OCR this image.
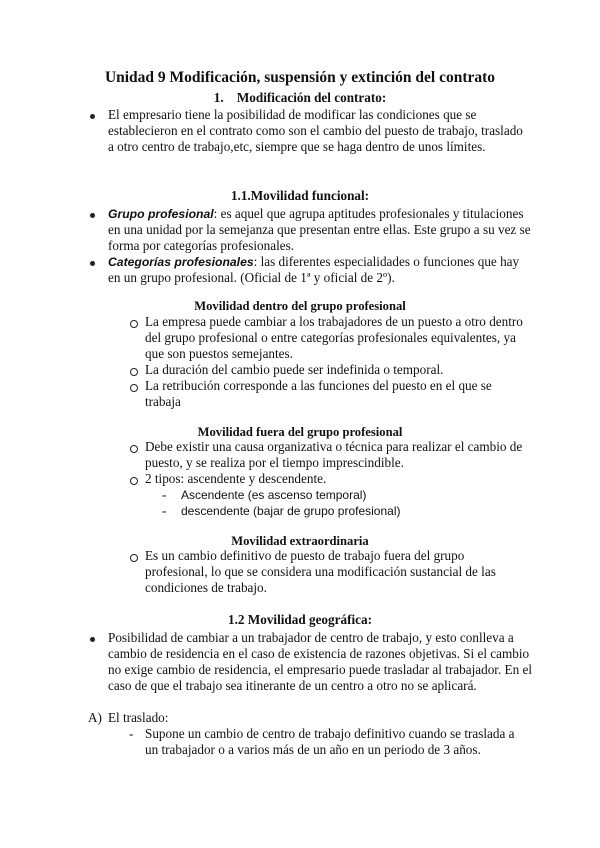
Unidad 9 Modificación, suspensión y extinción del contrato
1. Modificación del contrato:
El empresario tiene la posibilidad de modificar las condiciones que se establecieron en el contrato como son el cambio del puesto de trabajo, traslado a otro centro de trabajo,etc, siempre que se haga dentro de unos límites.
1.1.Movilidad funcional:
Grupo profesional: es aquel que agrupa aptitudes profesionales y titulaciones en una unidad por la semejanza que presentan entre ellas. Este grupo a su vez se forma por categorías profesionales.
Categorías profesionales: las diferentes especialidades o funciones que hay en un grupo profesional. (Oficial de 1ª y oficial de 2º).
Movilidad dentro del grupo profesional
La empresa puede cambiar a los trabajadores de un puesto a otro dentro del grupo profesional o entre categorías profesionales equivalentes, ya que son puestos semejantes.
La duración del cambio puede ser indefinida o temporal.
La retribución corresponde a las funciones del puesto en el que se trabaja
Movilidad fuera del grupo profesional
Debe existir una causa organizativa o técnica para realizar el cambio de puesto, y se realiza por el tiempo imprescindible.
2 tipos: ascendente y descendente.
- Ascendente (es ascenso temporal)
- descendente (bajar de grupo profesional)
Movilidad extraordinaria
Es un cambio definitivo de puesto de trabajo fuera del grupo profesional, lo que se considera una modificación sustancial de las condiciones de trabajo.
1.2 Movilidad geográfica:
Posibilidad de cambiar a un trabajador de centro de trabajo, y esto conlleva a cambio de residencia en el caso de existencia de razones objetivas. Si el cambio no exige cambio de residencia, el empresario puede trasladar al trabajador. En el caso de que el trabajo sea itinerante de un centro a otro no se aplicará.
A) El traslado:
- Supone un cambio de centro de trabajo definitivo cuando se traslada a un trabajador o a varios más de un año en un periodo de 3 años.
